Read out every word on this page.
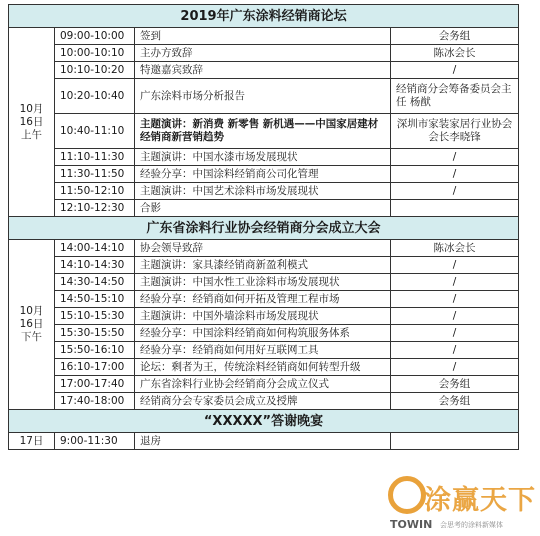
2019年广东涂料经销商论坛			
10月
16日
上午	09:00-10:00	签到	会务组
	10:00-10:10	主办方致辞	陈冰会长
	10:10-10:20	特邀嘉宾致辞	/
	10:20-10:40	广东涂料市场分析报告	经销商分会筹备委员会主任 杨猷
	10:40-11:10	主题演讲：新消费 新零售 新机遇——中国家居建材经销商新营销趋势	深圳市家装家居行业协会会长李晓锋
	11:10-11:30	主题演讲：中国水漆市场发展现状	/
	11:30-11:50	经验分享：中国涂料经销商公司化管理	/
	11:50-12:10	主题演讲：中国艺术涂料市场发展现状	/
	12:10-12:30	合影	
广东省涂料行业协会经销商分会成立大会			
10月
16日
下午	14:00-14:10	协会领导致辞	陈冰会长
	14:10-14:30	主题演讲：家具漆经销商新盈利模式	/
	14:30-14:50	主题演讲：中国水性工业涂料市场发展现状	/
	14:50-15:10	经验分享：经销商如何开拓及管理工程市场	/
	15:10-15:30	主题演讲：中国外墙涂料市场发展现状	/
	15:30-15:50	经验分享：中国涂料经销商如何构筑服务体系	/
	15:50-16:10	经验分享：经销商如何用好互联网工具	/
	16:10-17:00	论坛：剩者为王，传统涂料经销商如何转型升级	/
	17:00-17:40	广东省涂料行业协会经销商分会成立仪式	会务组
	17:40-18:00	经销商分会专家委员会成立及授牌	会务组
“XXXXX”答谢晚宴			
17日	9:00-11:30	退房	
涂赢天下
TOWIN 会思考的涂料新媒体
